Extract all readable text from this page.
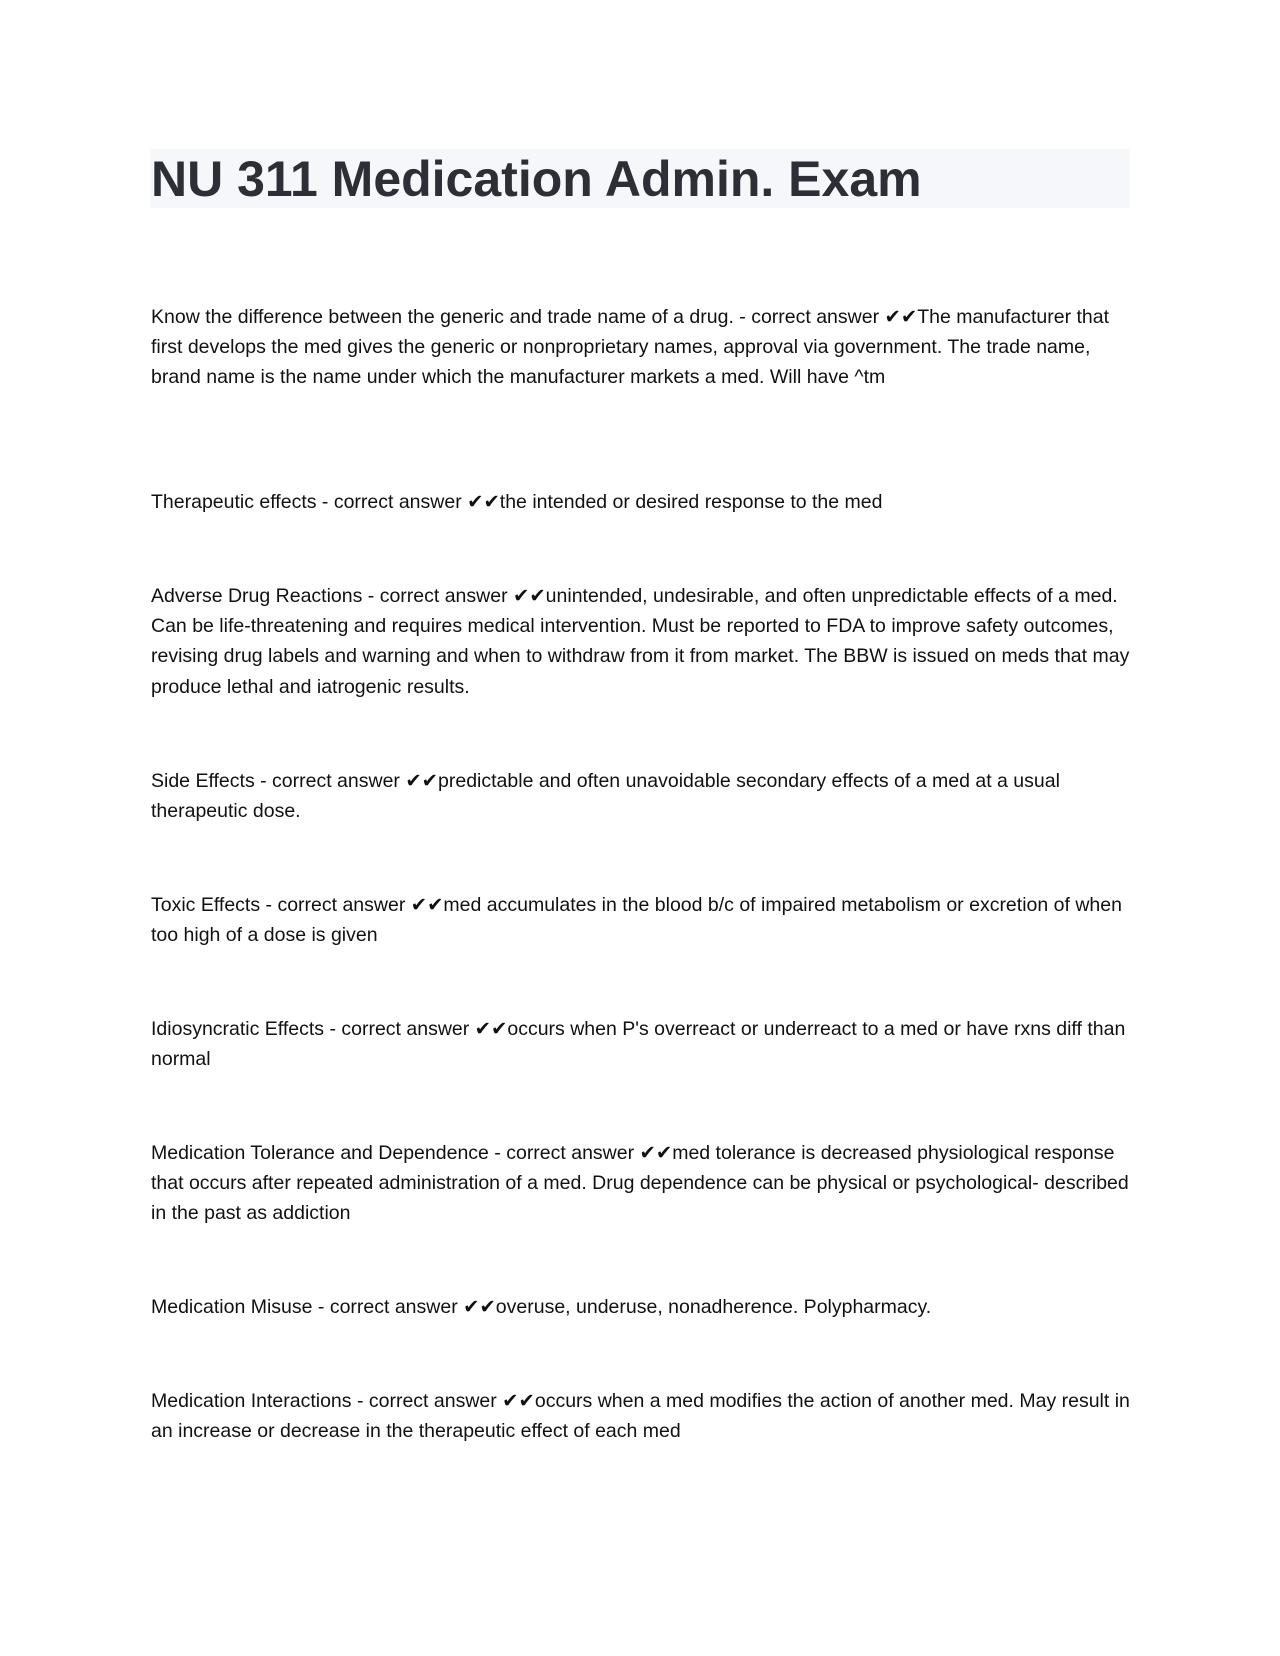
NU 311 Medication Admin. Exam

Know the difference between the generic and trade name of a drug. - correct answer ✔✔The manufacturer that first develops the med gives the generic or nonproprietary names, approval via government. The trade name, brand name is the name under which the manufacturer markets a med. Will have ^tm

Therapeutic effects - correct answer ✔✔the intended or desired response to the med

Adverse Drug Reactions - correct answer ✔✔unintended, undesirable, and often unpredictable effects of a med. Can be life-threatening and requires medical intervention. Must be reported to FDA to improve safety outcomes, revising drug labels and warning and when to withdraw from it from market. The BBW is issued on meds that may produce lethal and iatrogenic results.

Side Effects - correct answer ✔✔predictable and often unavoidable secondary effects of a med at a usual therapeutic dose.

Toxic Effects - correct answer ✔✔med accumulates in the blood b/c of impaired metabolism or excretion of when too high of a dose is given

Idiosyncratic Effects - correct answer ✔✔occurs when P's overreact or underreact to a med or have rxns diff than normal

Medication Tolerance and Dependence - correct answer ✔✔med tolerance is decreased physiological response that occurs after repeated administration of a med. Drug dependence can be physical or psychological- described in the past as addiction

Medication Misuse - correct answer ✔✔overuse, underuse, nonadherence. Polypharmacy.

Medication Interactions - correct answer ✔✔occurs when a med modifies the action of another med. May result in an increase or decrease in the therapeutic effect of each med
